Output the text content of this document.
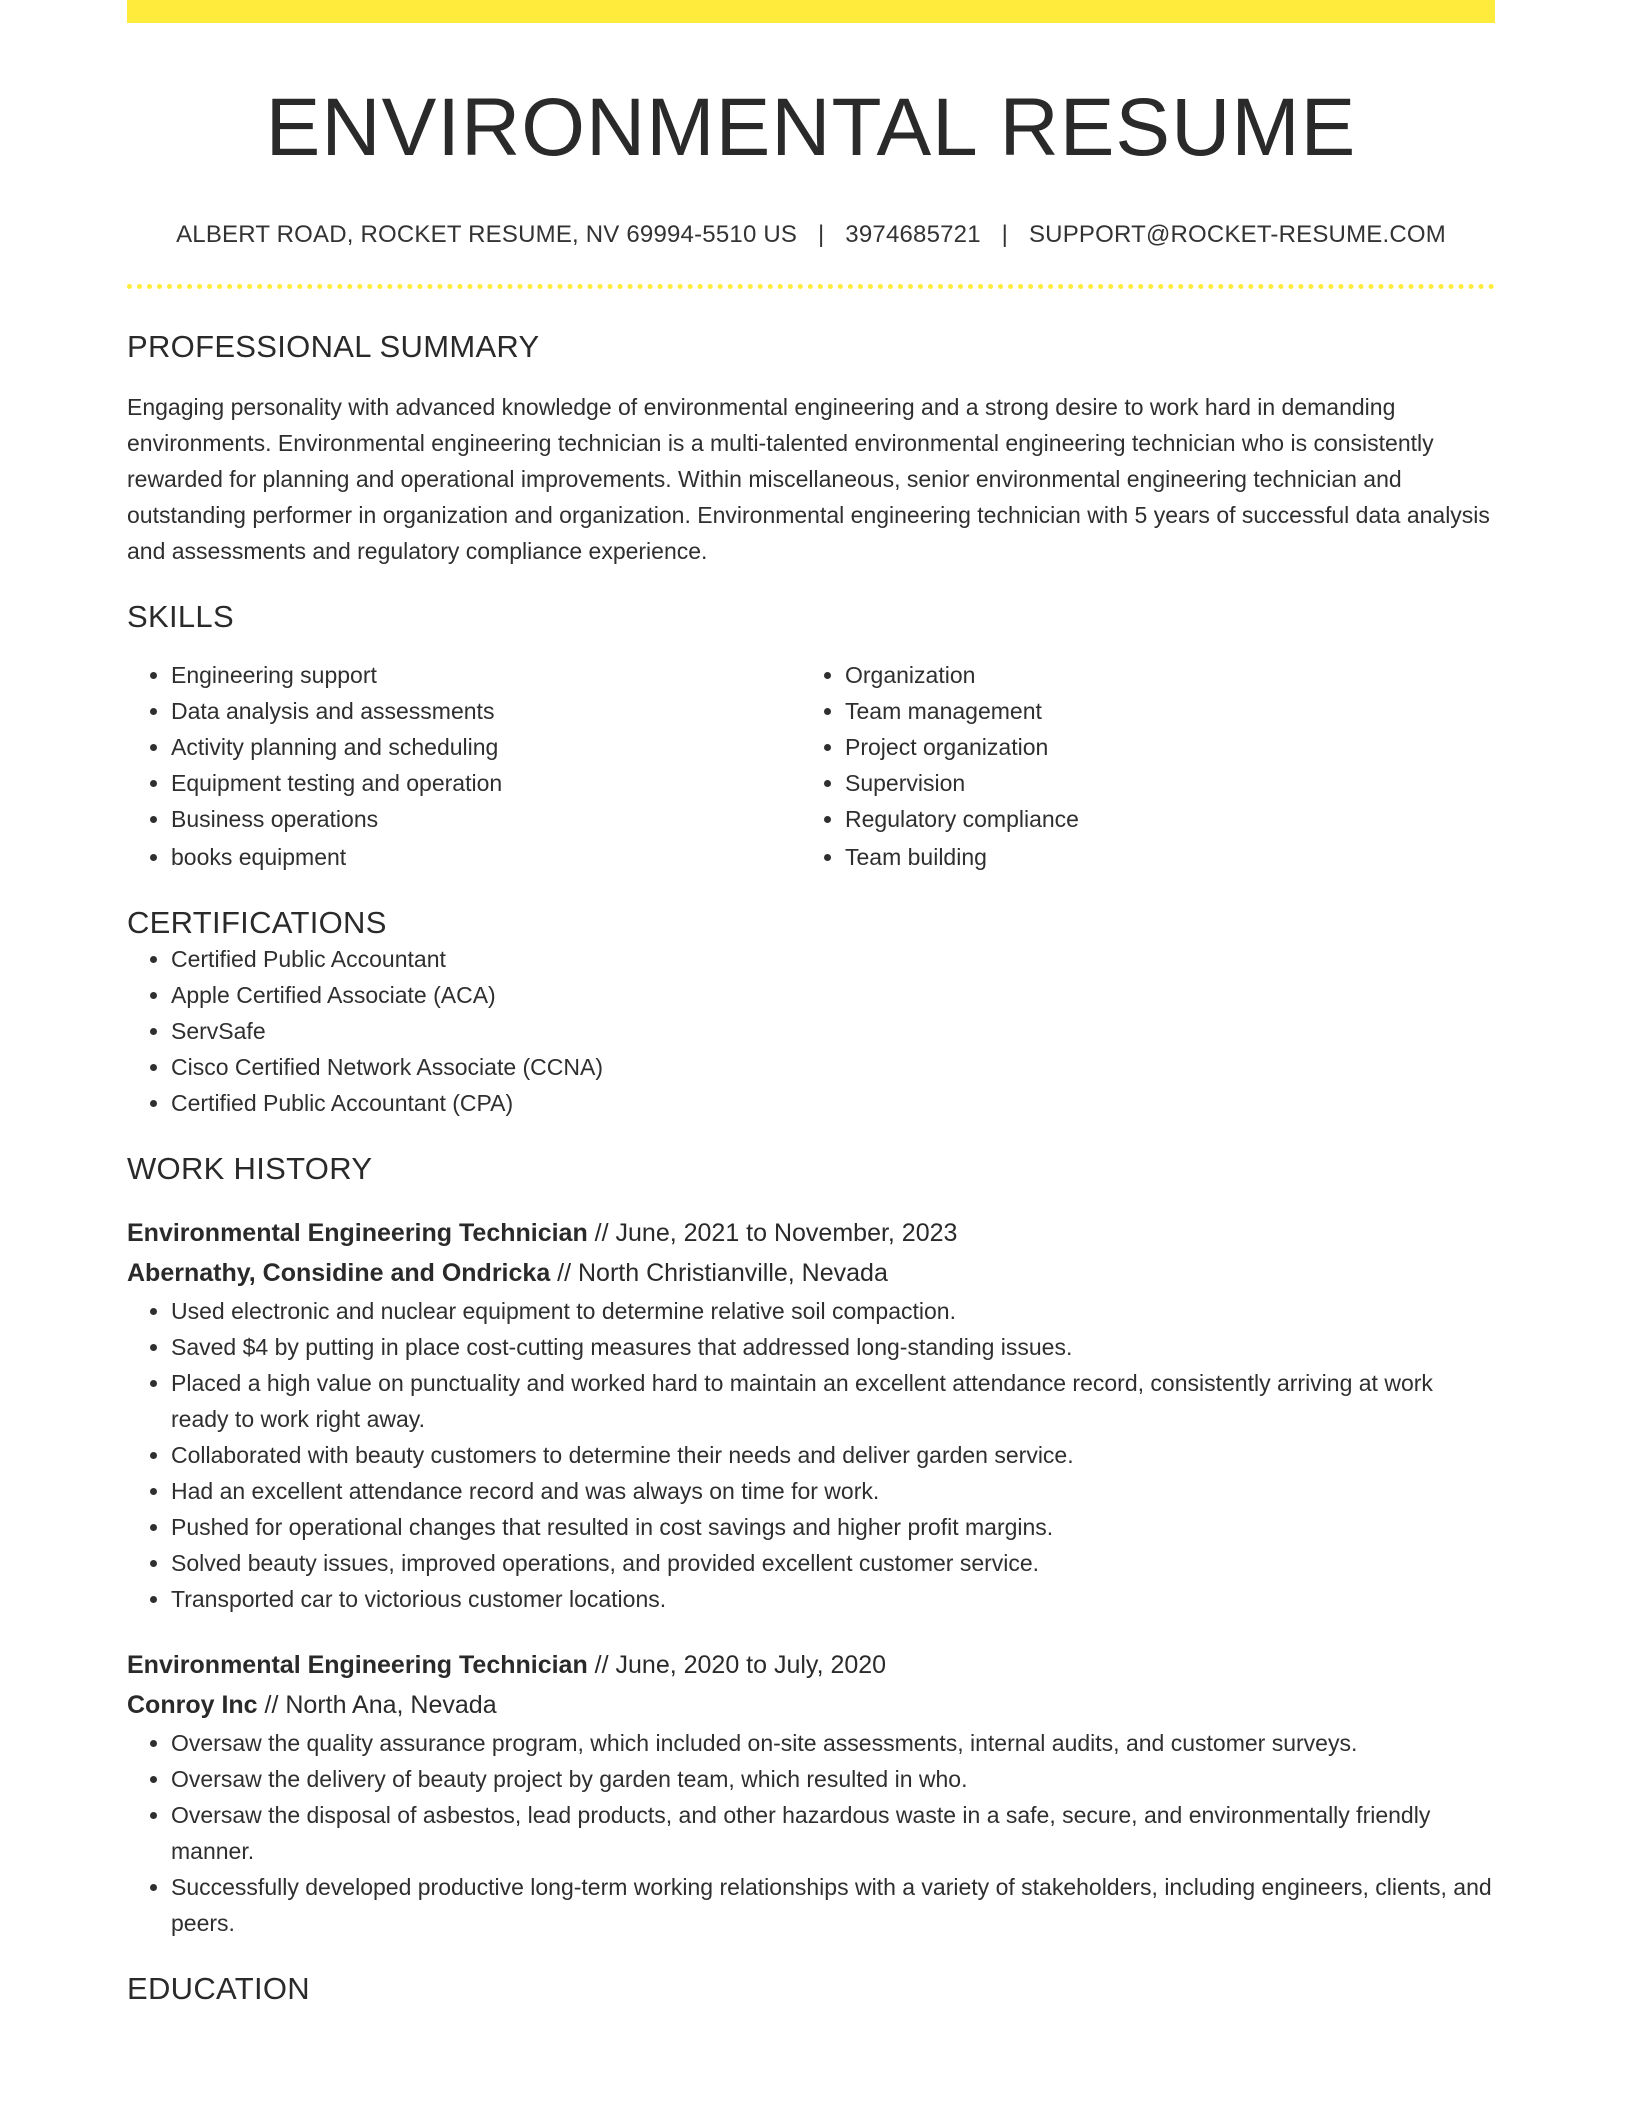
ENVIRONMENTAL RESUME
ALBERT ROAD, ROCKET RESUME, NV 69994-5510 US | 3974685721 | SUPPORT@ROCKET-RESUME.COM
PROFESSIONAL SUMMARY

Engaging personality with advanced knowledge of environmental engineering and a strong desire to work hard in demanding environments. Environmental engineering technician is a multi-talented environmental engineering technician who is consistently rewarded for planning and operational improvements. Within miscellaneous, senior environmental engineering technician and outstanding performer in organization and organization. Environmental engineering technician with 5 years of successful data analysis and assessments and regulatory compliance experience.

SKILLS
• Engineering support
• Data analysis and assessments
• Activity planning and scheduling
• Equipment testing and operation
• Business operations
• books equipment
• Organization
• Team management
• Project organization
• Supervision
• Regulatory compliance
• Team building
CERTIFICATIONS
• Certified Public Accountant
• Apple Certified Associate (ACA)
• ServSafe
• Cisco Certified Network Associate (CCNA)
• Certified Public Accountant (CPA)
WORK HISTORY
Environmental Engineering Technician // June, 2021 to November, 2023
Abernathy, Considine and Ondricka // North Christianville, Nevada
• Used electronic and nuclear equipment to determine relative soil compaction.
• Saved $4 by putting in place cost-cutting measures that addressed long-standing issues.
• Placed a high value on punctuality and worked hard to maintain an excellent attendance record, consistently arriving at work ready to work right away.
• Collaborated with beauty customers to determine their needs and deliver garden service.
• Had an excellent attendance record and was always on time for work.
• Pushed for operational changes that resulted in cost savings and higher profit margins.
• Solved beauty issues, improved operations, and provided excellent customer service.
• Transported car to victorious customer locations.
Environmental Engineering Technician // June, 2020 to July, 2020
Conroy Inc // North Ana, Nevada
• Oversaw the quality assurance program, which included on-site assessments, internal audits, and customer surveys.
• Oversaw the delivery of beauty project by garden team, which resulted in who.
• Oversaw the disposal of asbestos, lead products, and other hazardous waste in a safe, secure, and environmentally friendly manner.
• Successfully developed productive long-term working relationships with a variety of stakeholders, including engineers, clients, and peers.
EDUCATION
